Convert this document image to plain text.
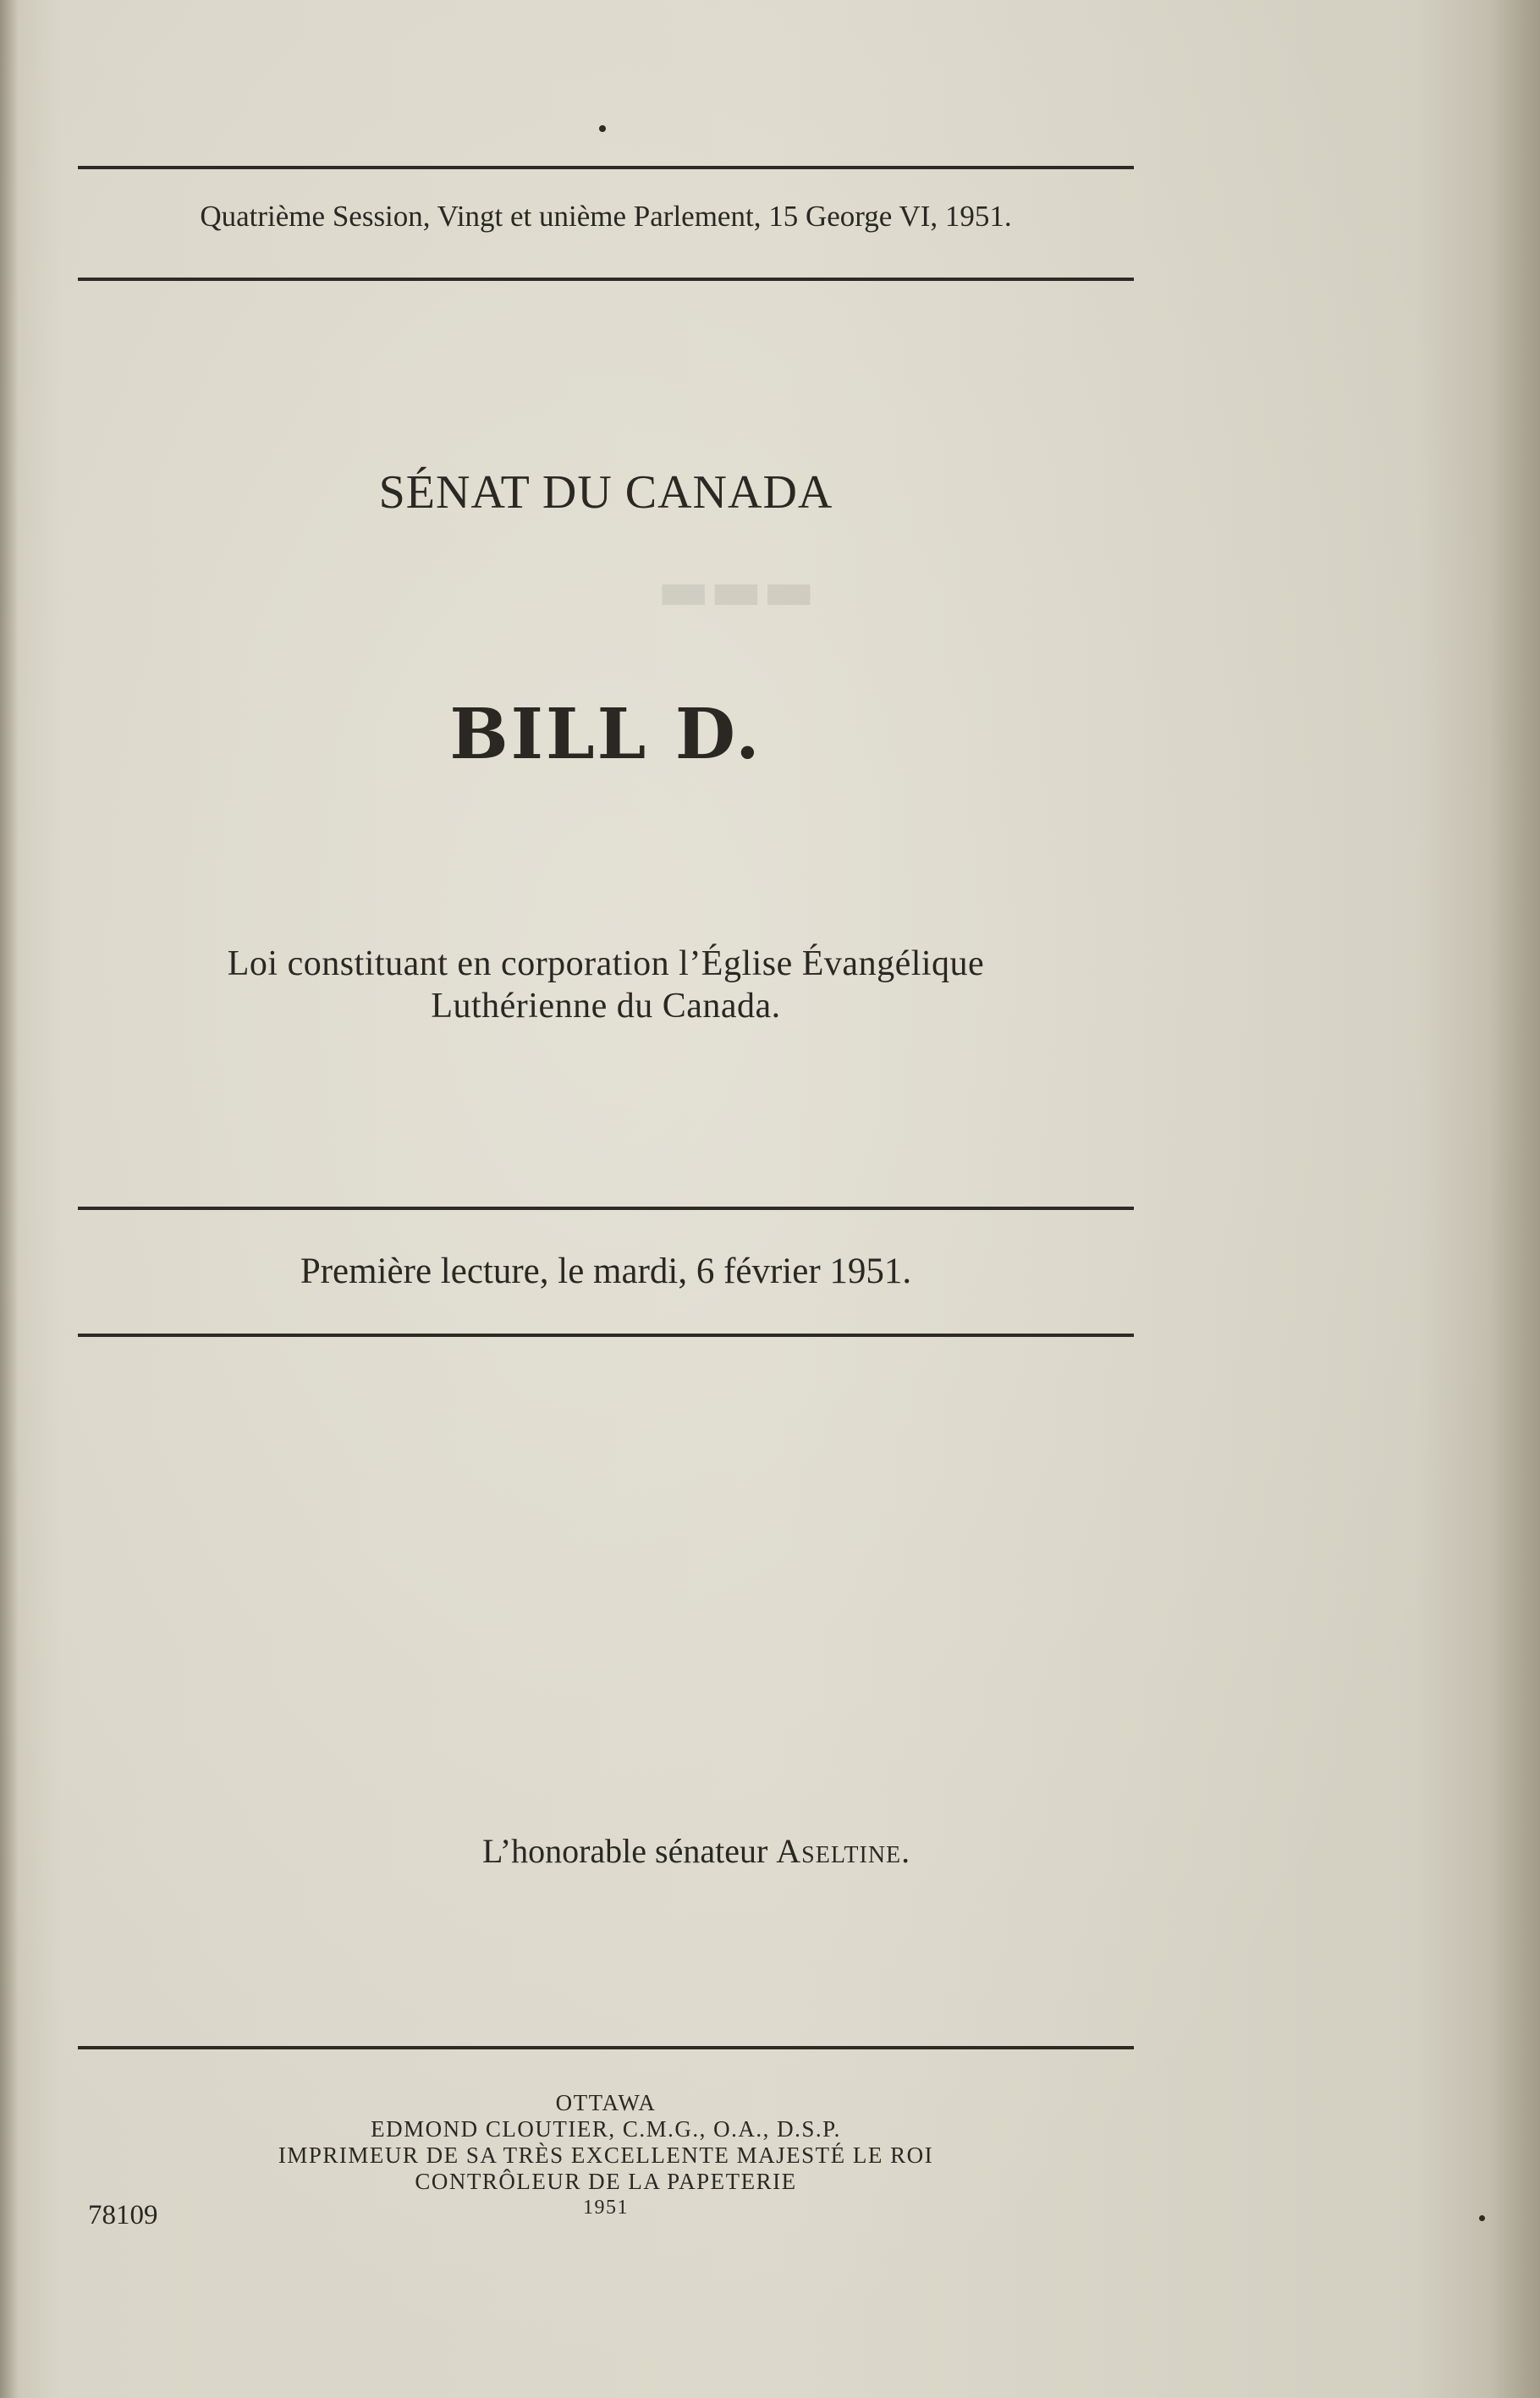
▬▬▬
Quatrième Session, Vingt et unième Parlement, 15 George VI, 1951.
SÉNAT DU CANADA
BILL D.
Loi constituant en corporation l’Église Évangélique
Luthérienne du Canada.
Première lecture, le mardi, 6 février 1951.
L’honorable sénateur Aseltine.
OTTAWA
EDMOND CLOUTIER, C.M.G., O.A., D.S.P.
IMPRIMEUR DE SA TRÈS EXCELLENTE MAJESTÉ LE ROI
CONTRÔLEUR DE LA PAPETERIE
1951
78109
